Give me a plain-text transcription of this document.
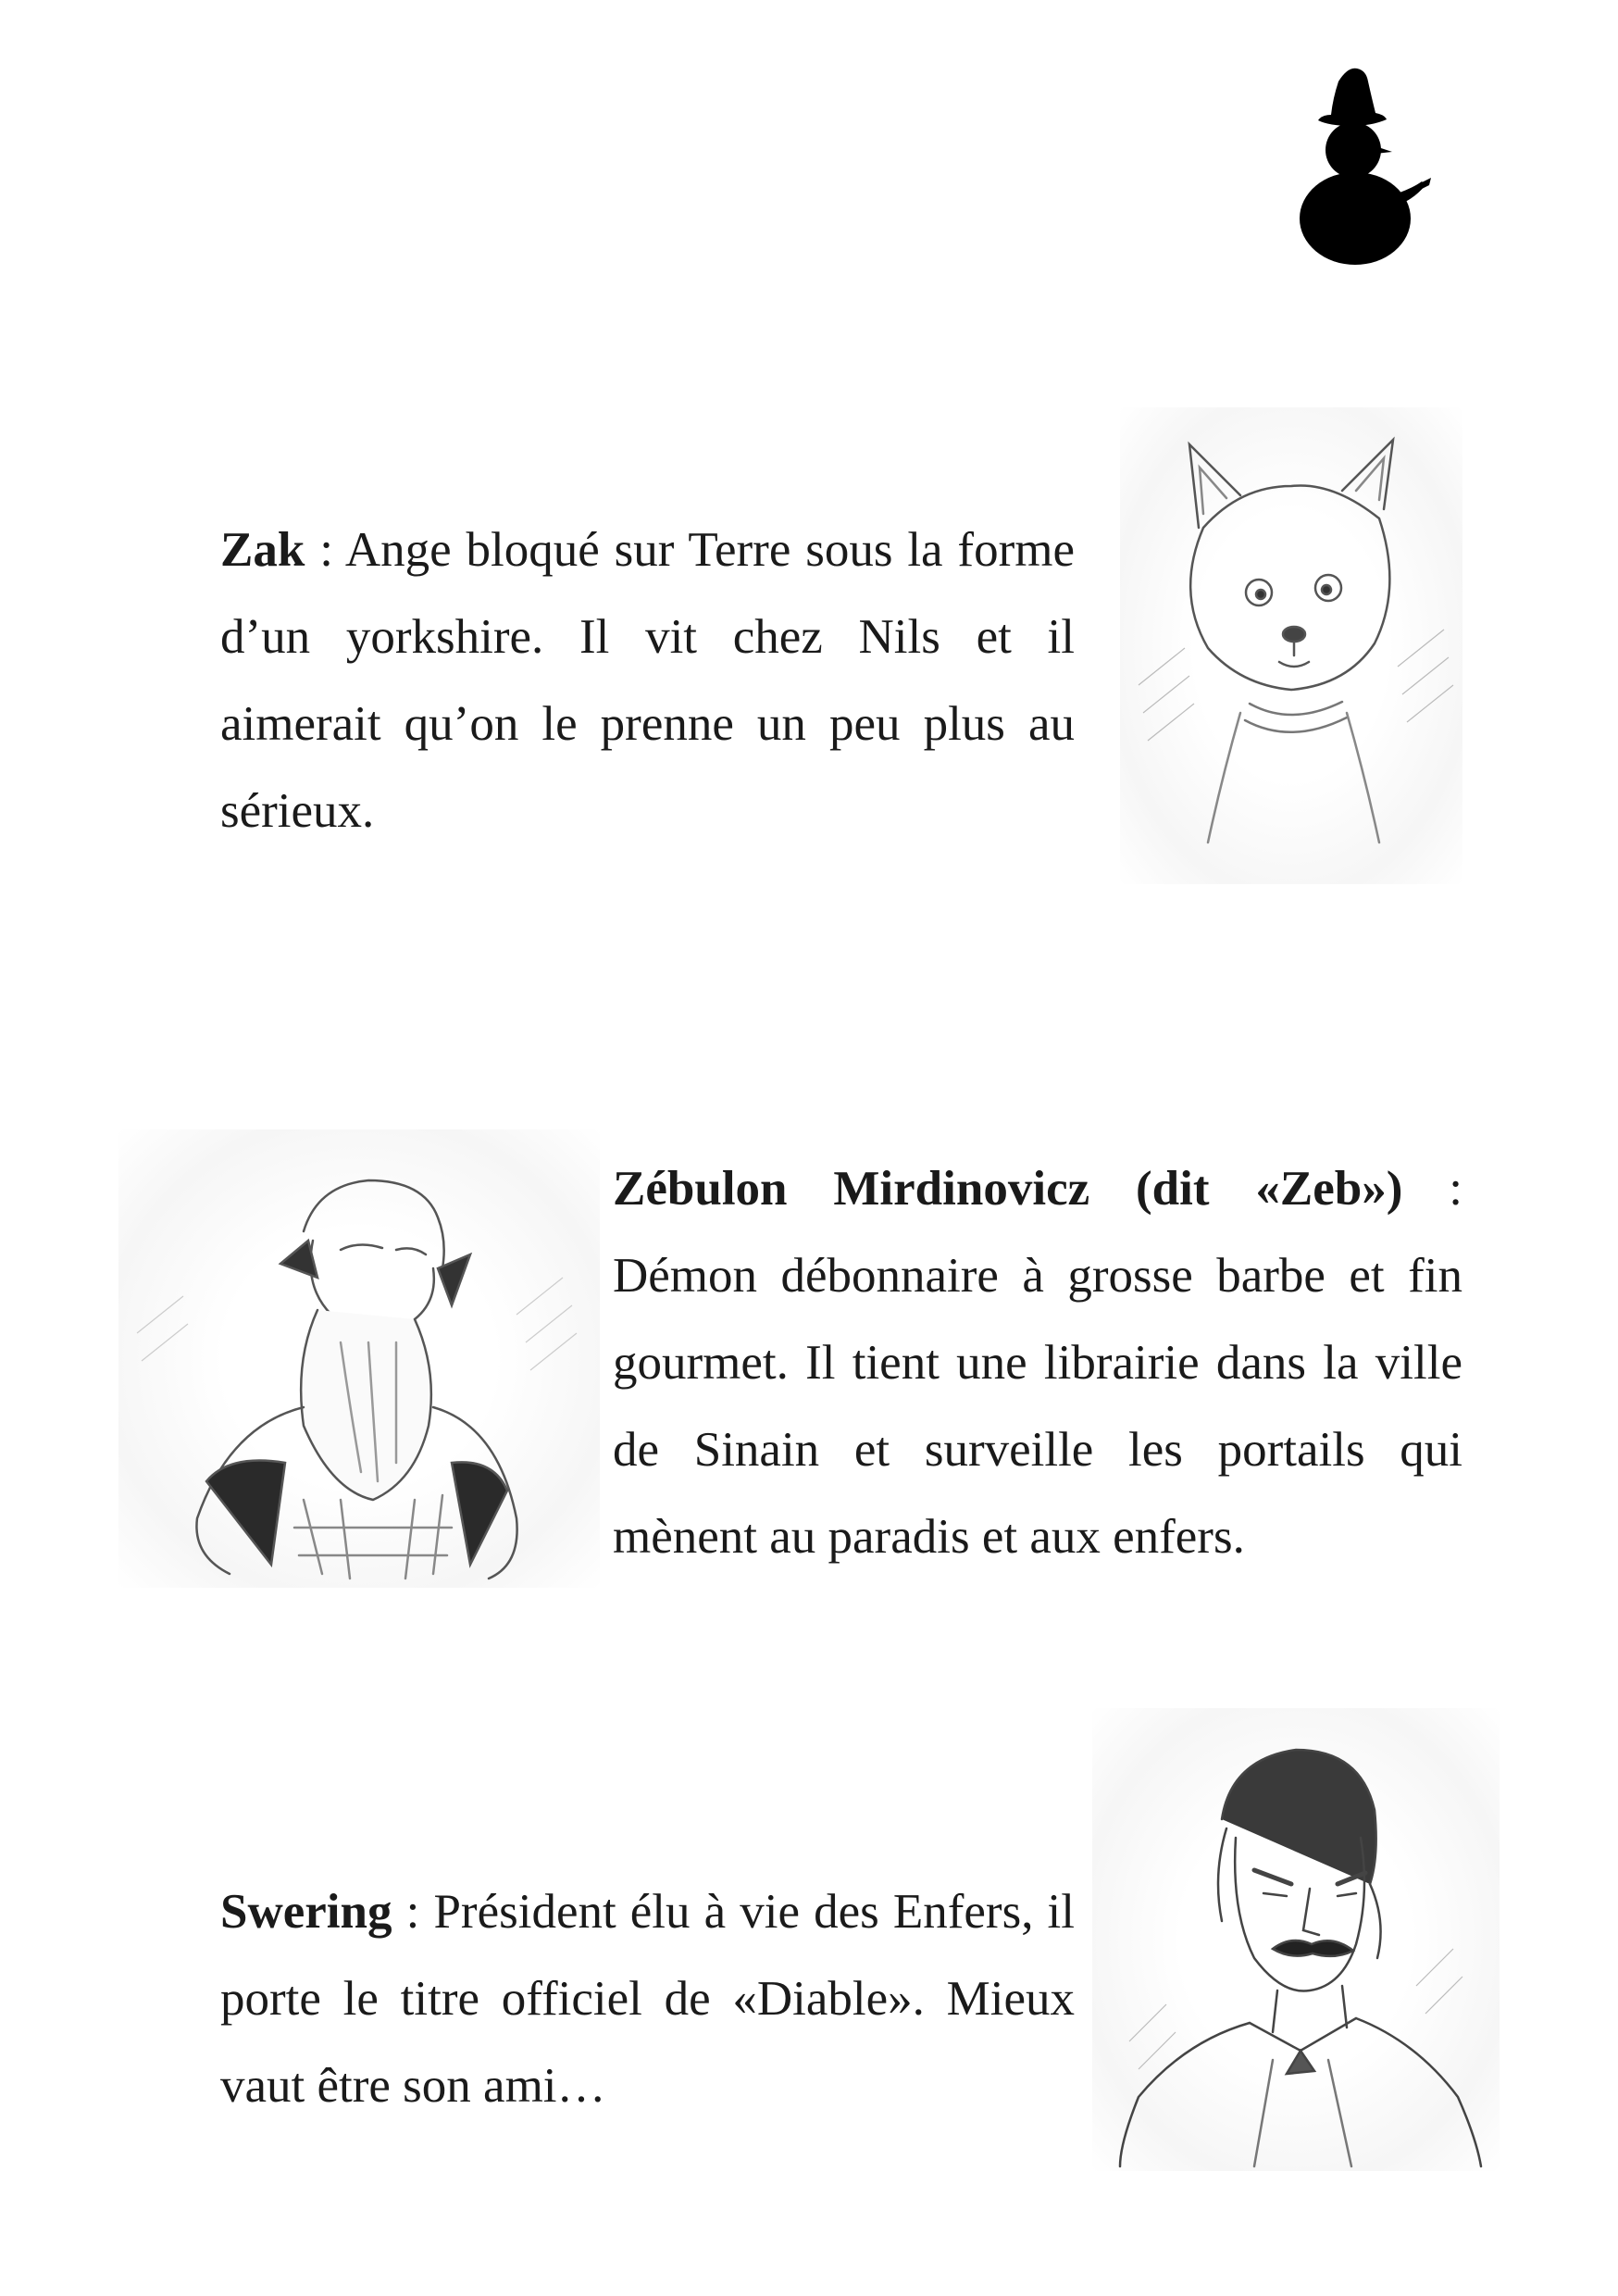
Zak : Ange bloqué sur Terre sous la forme d’un yorkshire. Il vit chez Nils et il aimerait qu’on le prenne un peu plus au sérieux.

Zébulon Mirdinovicz (dit «Zeb») : Démon débonnaire à grosse barbe et fin gourmet. Il tient une librairie dans la ville de Sinain et surveille les portails qui mènent au paradis et aux enfers.

Swering : Président élu à vie des Enfers, il porte le titre officiel de «Diable». Mieux vaut être son ami…
